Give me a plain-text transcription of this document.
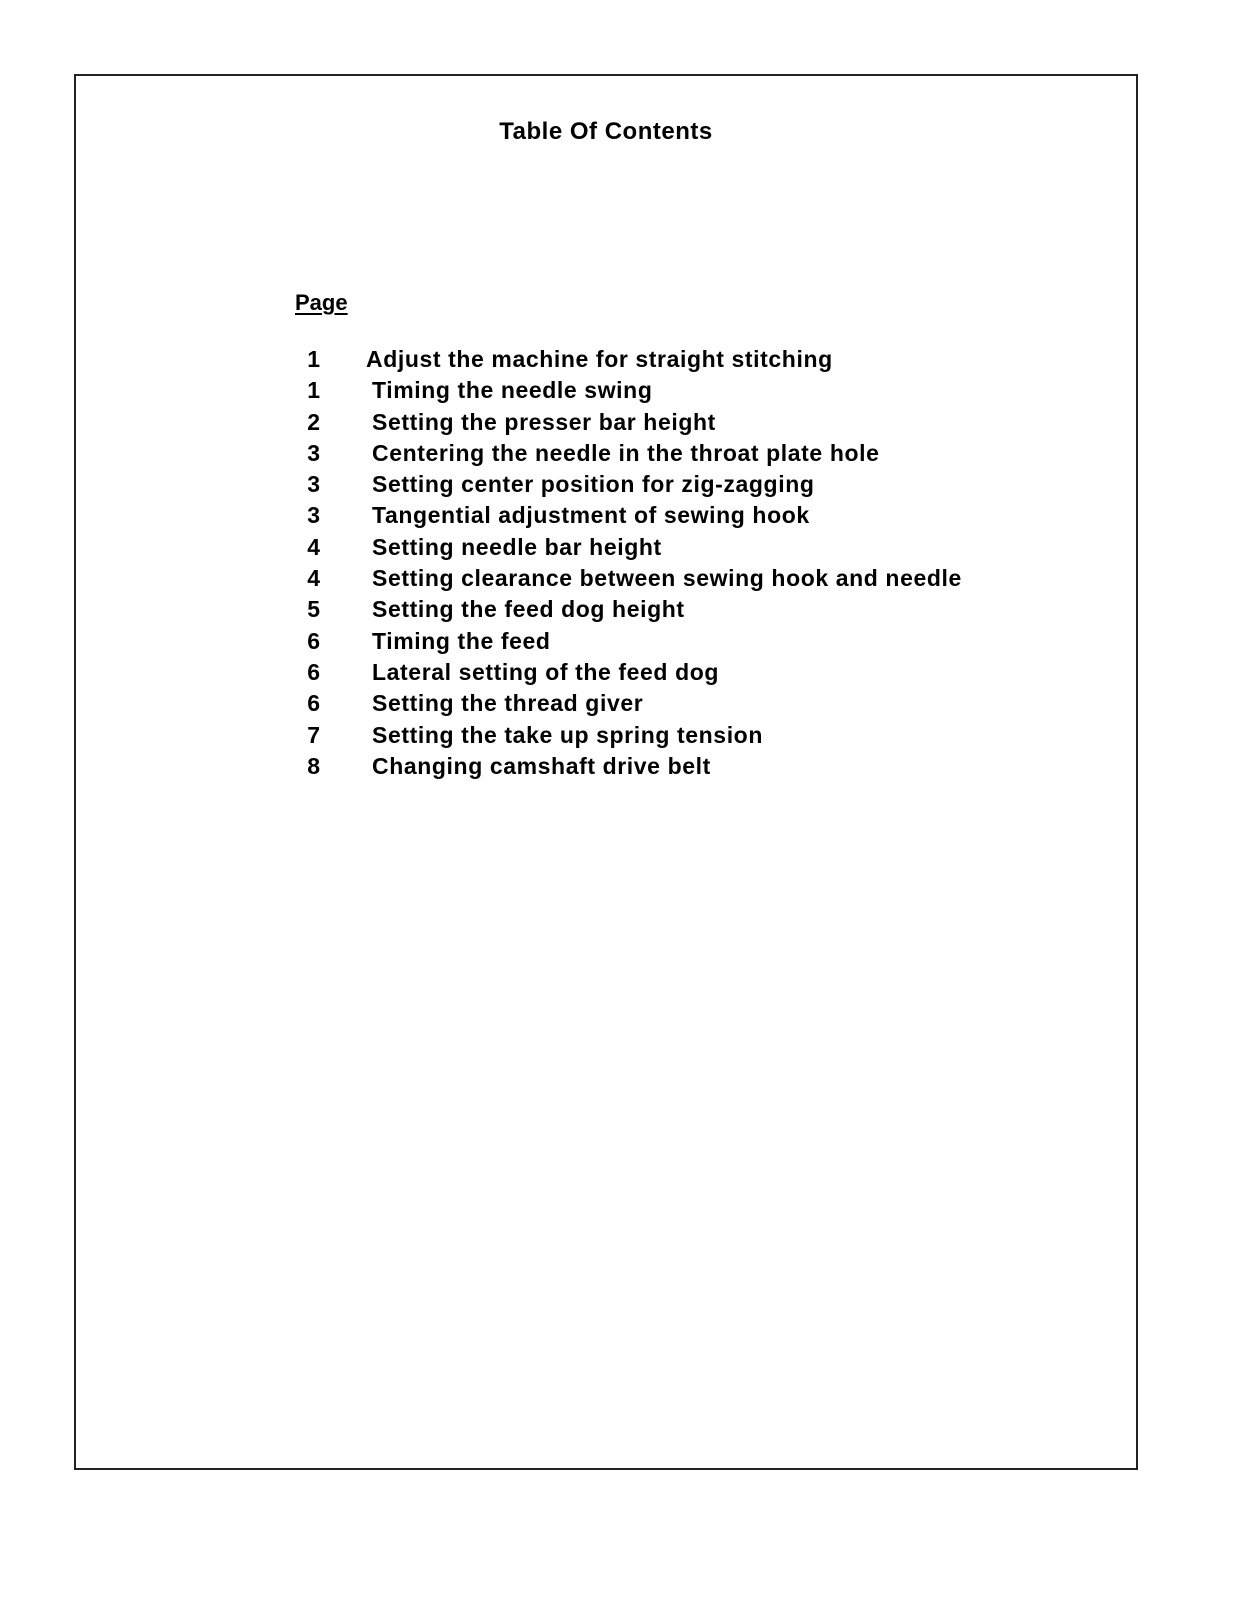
Table Of Contents
Page
1 Adjust the machine for straight stitching
1 Timing the needle swing
2 Setting the presser bar height
3 Centering the needle in the throat plate hole
3 Setting center position for zig-zagging
3 Tangential adjustment of sewing hook
4 Setting needle bar height
4 Setting clearance between sewing hook and needle
5 Setting the feed dog height
6 Timing the feed
6 Lateral setting of the feed dog
6 Setting the thread giver
7 Setting the take up spring tension
8 Changing camshaft drive belt
